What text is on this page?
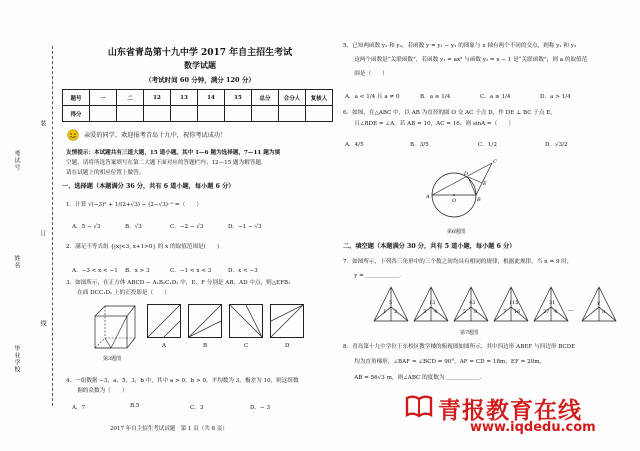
考试号
姓名
毕业学校
装
订
线
山东省青岛第十九中学 2017 年自主招生考试
数学试题
（考试时间 60 分钟，满分 120 分）
题号	一	二	12	13	14	15	总分	合分人	复核人
得分									
亲爱的同学，欢迎报考青岛十九中，祝你考试成功！
友情提示：本试题共有三道大题，15 道小题。其中 1—6 题为选择题，7—11 题为填
空题，请将所选答案填写在第二大题下面对应的答题栏内；12—15 题为解答题，
请在试题上的相应位置上做答。
一、选择题（本题满分 36 分，共有 6 道小题，每小题 6 分）
1．计算 √(−3)² + 1/(2+√3) − (2−√3)⁻¹ =（　　）
A．5 − √3	B．√3	C．−2 − √3	D．−1 − √3
2．满足不等式组 {|x|<3, x+1>0} 的 x 的取值范围是(　　)
A．−3 < x < −1 B．x > 3	C．−1 < x < 3	D．x < −3
3．如图所示，在正方体 ABCD − A₁B₁C₁D₁ 中，E、F 分别是 AB、AD 中点，则△EFB₁
　　在面 DCC₁D₁ 上的正投影是（　　）
第3题图
A	B	C	D
4．一组数据 −3，a，5，3，b 中，其中 a > 0，b > 0，平均数为 3，极差为 10，则这组数
　　据的众数为（　　）
A．7	B.5	C．3	D．− 3
2017 年自主招生考试试题　第 1 页（共 8 页）
5．已知两函数 y₁ 和 y₂，若函数 y = y₁ − y₂ 的图象与 x 轴有两个不同的交点，则称 y₁ 和 y₂
　　这两个函数是“关联函数”，若函数 y₁ = ax² 与函数 y₂ = x − 1 是“关联函数”，则 a 的取值范
　　围是（　　）
A．a < 1/4 且 a ≠ 0	B．a ≥ 1/4	C．a ≤ 1/4	D．a > 1/4
6．如图，在△ABC 中，以 AB 为直径的圆 O 交 AC 于点 D，作 DE ⊥ BC 于点 E，
　　且∠BDE = ∠A，若 AB = 10，AC = 16，则 sinA =（　　）
A．4/5	B．3/5	C．1/2	D．√3/2
A
C
D
O
E
B
第6题图
二、填空题（本题满分 30 分，共有 5 道小题，每小题 6 分）
7．如图所示，下列各三角形中的三个数之间均具有相同的规律，根据此规律，当 n = 9 时，
　　y = ＿＿＿＿＿＿．
1 2
5
3 4
13
5 8
43
7 16
115
27 4
31
…	n
y
第7题图
8．青岛第十九中学位于东校区教学楼的俯视图如图所示，其中四边形 ABEF 与四边形 BCDE
　　均为直角梯形，∠BAF = ∠BCD = 90°，AF = CD = 18m，EF = 20m，
　　AB = 56√3 m，则∠ABC 的度数为 ＿＿＿＿＿＿．
青报教育在线
www.iqdedu.com
